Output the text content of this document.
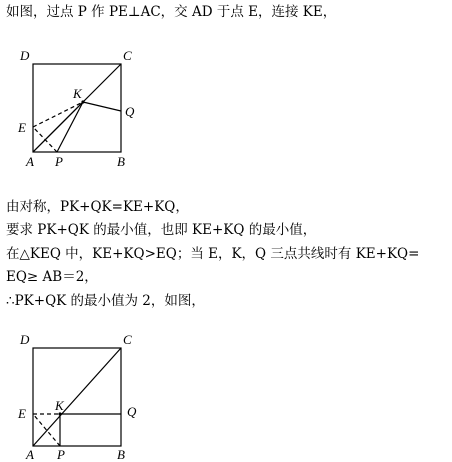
如图，过点 P 作 PE⊥AC，交 AD 于点 E，连接 KE，
D	C
K
Q
E
A P	B
由对称，PK+QK=KE+KQ，
要求 PK+QK 的最小值，也即 KE+KQ 的最小值，
在△KEQ 中，KE+KQ>EQ；当 E，K，Q 三点共线时有 KE+KQ=
EQ≥ AB＝2，
∴PK+QK 的最小值为 2，如图，
D	C
K	Q
E
A P	B
